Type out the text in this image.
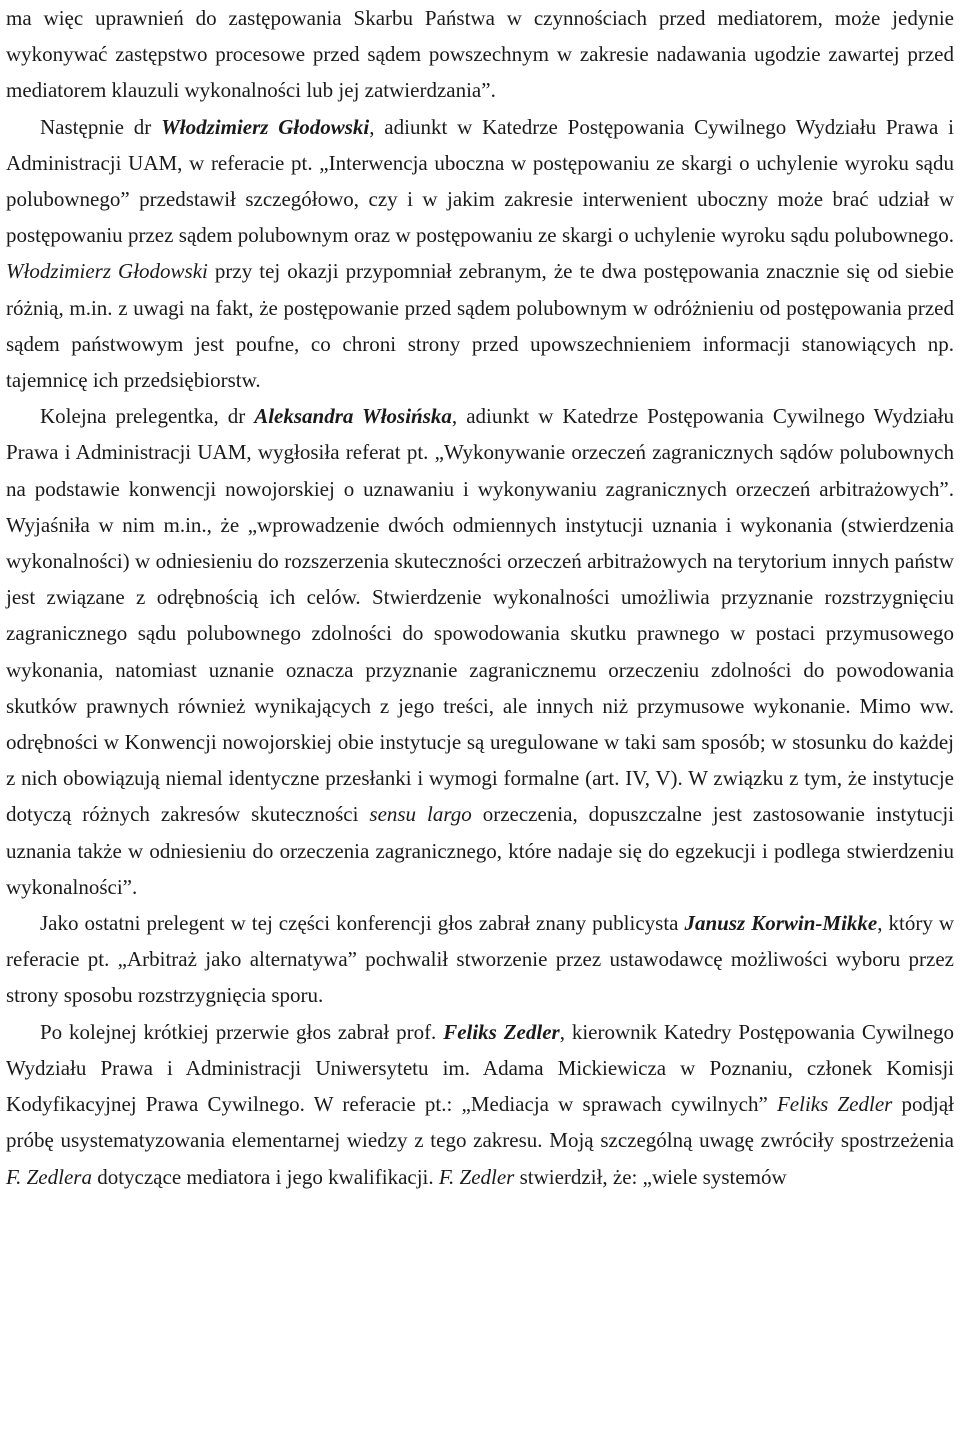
ma więc uprawnień do zastępowania Skarbu Państwa w czynnościach przed mediatorem, może jedynie wykonywać zastępstwo procesowe przed sądem powszechnym w zakresie nadawania ugodzie zawartej przed mediatorem klauzuli wykonalności lub jej zatwierdzania”.

Następnie dr Włodzimierz Głodowski, adiunkt w Katedrze Postępowania Cywilnego Wydziału Prawa i Administracji UAM, w referacie pt. „Interwencja uboczna w postępowaniu ze skargi o uchylenie wyroku sądu polubownego” przedstawił szczegółowo, czy i w jakim zakresie interwenient uboczny może brać udział w postępowaniu przez sądem polubownym oraz w postępowaniu ze skargi o uchylenie wyroku sądu polubownego. Włodzimierz Głodowski przy tej okazji przypomniał zebranym, że te dwa postępowania znacznie się od siebie różnią, m.in. z uwagi na fakt, że postępowanie przed sądem polubownym w odróżnieniu od postępowania przed sądem państwowym jest poufne, co chroni strony przed upowszechnieniem informacji stanowiących np. tajemnicę ich przedsiębiorstw.

Kolejna prelegentka, dr Aleksandra Włosińska, adiunkt w Katedrze Postępowania Cywilnego Wydziału Prawa i Administracji UAM, wygłosiła referat pt. „Wykonywanie orzeczeń zagranicznych sądów polubownych na podstawie konwencji nowojorskiej o uznawaniu i wykonywaniu zagranicznych orzeczeń arbitrażowych”. Wyjaśniła w nim m.in., że „wprowadzenie dwóch odmiennych instytucji uznania i wykonania (stwierdzenia wykonalności) w odniesieniu do rozszerzenia skuteczności orzeczeń arbitrażowych na terytorium innych państw jest związane z odrębnością ich celów. Stwierdzenie wykonalności umożliwia przyznanie rozstrzygnięciu zagranicznego sądu polubownego zdolności do spowodowania skutku prawnego w postaci przymusowego wykonania, natomiast uznanie oznacza przyznanie zagranicznemu orzeczeniu zdolności do powodowania skutków prawnych również wynikających z jego treści, ale innych niż przymusowe wykonanie. Mimo ww. odrębności w Konwencji nowojorskiej obie instytucje są uregulowane w taki sam sposób; w stosunku do każdej z nich obowiązują niemal identyczne przesłanki i wymogi formalne (art. IV, V). W związku z tym, że instytucje dotyczą różnych zakresów skuteczności sensu largo orzeczenia, dopuszczalne jest zastosowanie instytucji uznania także w odniesieniu do orzeczenia zagranicznego, które nadaje się do egzekucji i podlega stwierdzeniu wykonalności”.

Jako ostatni prelegent w tej części konferencji głos zabrał znany publicysta Janusz Korwin-Mikke, który w referacie pt. „Arbitraż jako alternatywa” pochwalił stworzenie przez ustawodawcę możliwości wyboru przez strony sposobu rozstrzygnięcia sporu.

Po kolejnej krótkiej przerwie głos zabrał prof. Feliks Zedler, kierownik Katedry Postępowania Cywilnego Wydziału Prawa i Administracji Uniwersytetu im. Adama Mickiewicza w Poznaniu, członek Komisji Kodyfikacyjnej Prawa Cywilnego. W referacie pt.: „Mediacja w sprawach cywilnych” Feliks Zedler podjął próbę usystematyzowania elementarnej wiedzy z tego zakresu. Moją szczególną uwagę zwróciły spostrzeżenia F. Zedlera dotyczące mediatora i jego kwalifikacji. F. Zedler stwierdził, że: „wiele systemów
